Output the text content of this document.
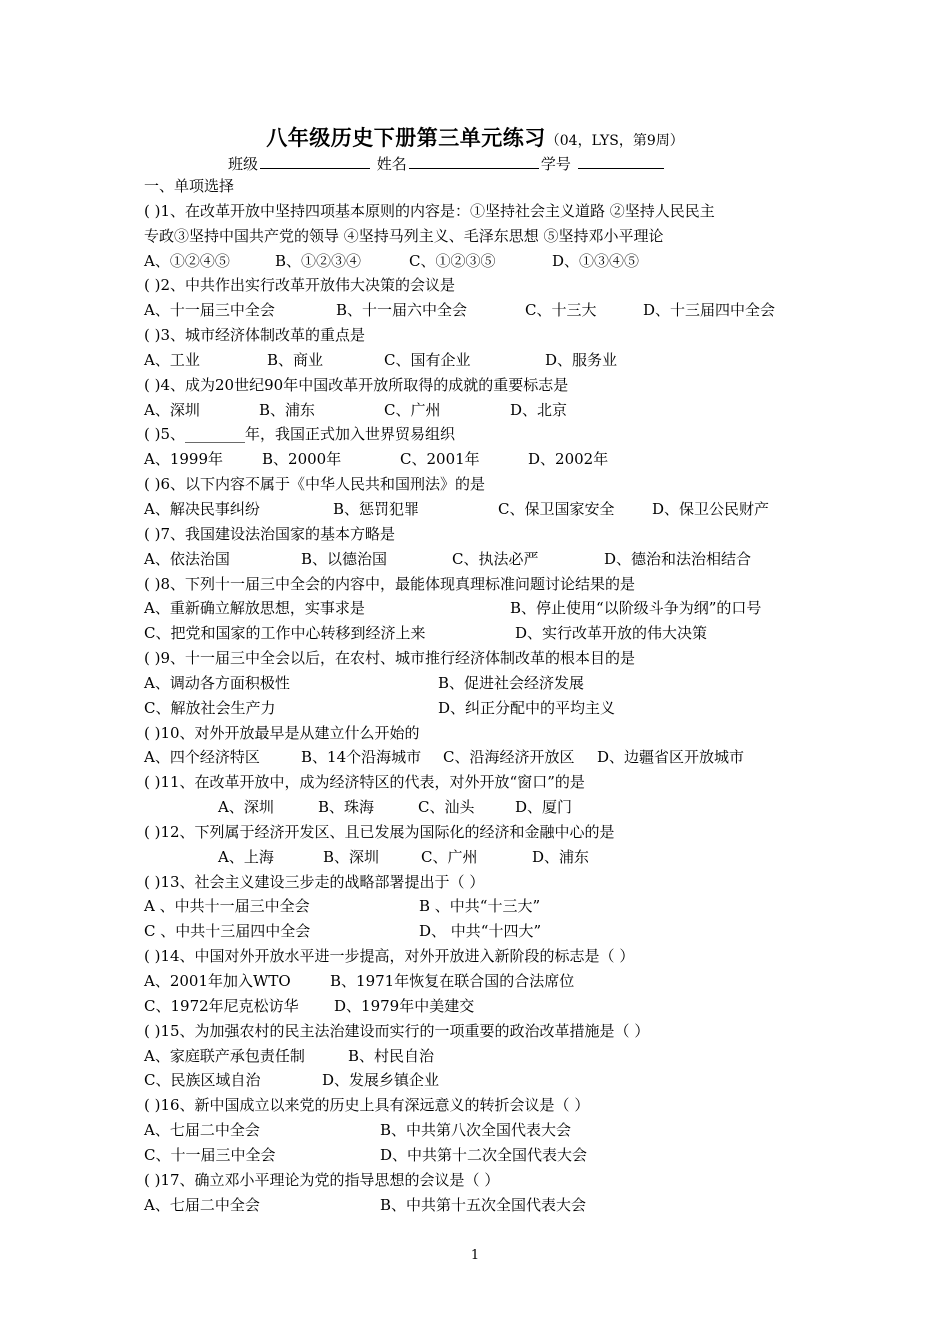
八年级历史下册第三单元练习（04，LYS，第9周）
班级	姓名	学号
一、单项选择
( )1、在改革开放中坚持四项基本原则的内容是：①坚持社会主义道路 ②坚持人民民主
专政③坚持中国共产党的领导 ④坚持马列主义、毛泽东思想 ⑤坚持邓小平理论
A、①②④⑤	B、①②③④	C、①②③⑤	D、①③④⑤
( )2、中共作出实行改革开放伟大决策的会议是
A、十一届三中全会	B、十一届六中全会	C、十三大	D、十三届四中全会
( )3、城市经济体制改革的重点是
A、工业	B、商业	C、国有企业	D、服务业
( )4、成为20世纪90年中国改革开放所取得的成就的重要标志是
A、深圳	B、浦东	C、广州	D、北京
( )5、________年，我国正式加入世界贸易组织
A、1999年	B、2000年	C、2001年	D、2002年
( )6、以下内容不属于《中华人民共和国刑法》的是
A、解决民事纠纷	B、惩罚犯罪	C、保卫国家安全	D、保卫公民财产
( )7、我国建设法治国家的基本方略是
A、依法治国	B、以德治国	C、执法必严	D、德治和法治相结合
( )8、下列十一届三中全会的内容中，最能体现真理标准问题讨论结果的是
A、重新确立解放思想，实事求是	B、停止使用“以阶级斗争为纲”的口号
C、把党和国家的工作中心转移到经济上来	D、实行改革开放的伟大决策
( )9、十一届三中全会以后，在农村、城市推行经济体制改革的根本目的是
A、调动各方面积极性	B、促进社会经济发展
C、解放社会生产力	D、纠正分配中的平均主义
( )10、对外开放最早是从建立什么开始的
A、四个经济特区	B、14个沿海城市 C、沿海经济开放区 D、边疆省区开放城市
( )11、在改革开放中，成为经济特区的代表，对外开放“窗口”的是
A、深圳	B、珠海	C、汕头	D、厦门
( )12、下列属于经济开发区、且已发展为国际化的经济和金融中心的是
A、上海	B、深圳	C、广州	D、浦东
( )13、社会主义建设三步走的战略部署提出于（ ）
A 、中共十一届三中全会	B 、中共“十三大”
C 、中共十三届四中全会	D、 中共“十四大”
( )14、中国对外开放水平进一步提高，对外开放进入新阶段的标志是（ ）
A、2001年加入WTO	B、1971年恢复在联合国的合法席位
C、1972年尼克松访华 D、1979年中美建交
( )15、为加强农村的民主法治建设而实行的一项重要的政治改革措施是（ ）
A、家庭联产承包责任制	B、村民自治
C、民族区域自治	D、发展乡镇企业
( )16、新中国成立以来党的历史上具有深远意义的转折会议是（ ）
A、七届二中全会	B、中共第八次全国代表大会
C、十一届三中全会	D、中共第十二次全国代表大会
( )17、确立邓小平理论为党的指导思想的会议是（ ）
A、七届二中全会	B、中共第十五次全国代表大会
1
